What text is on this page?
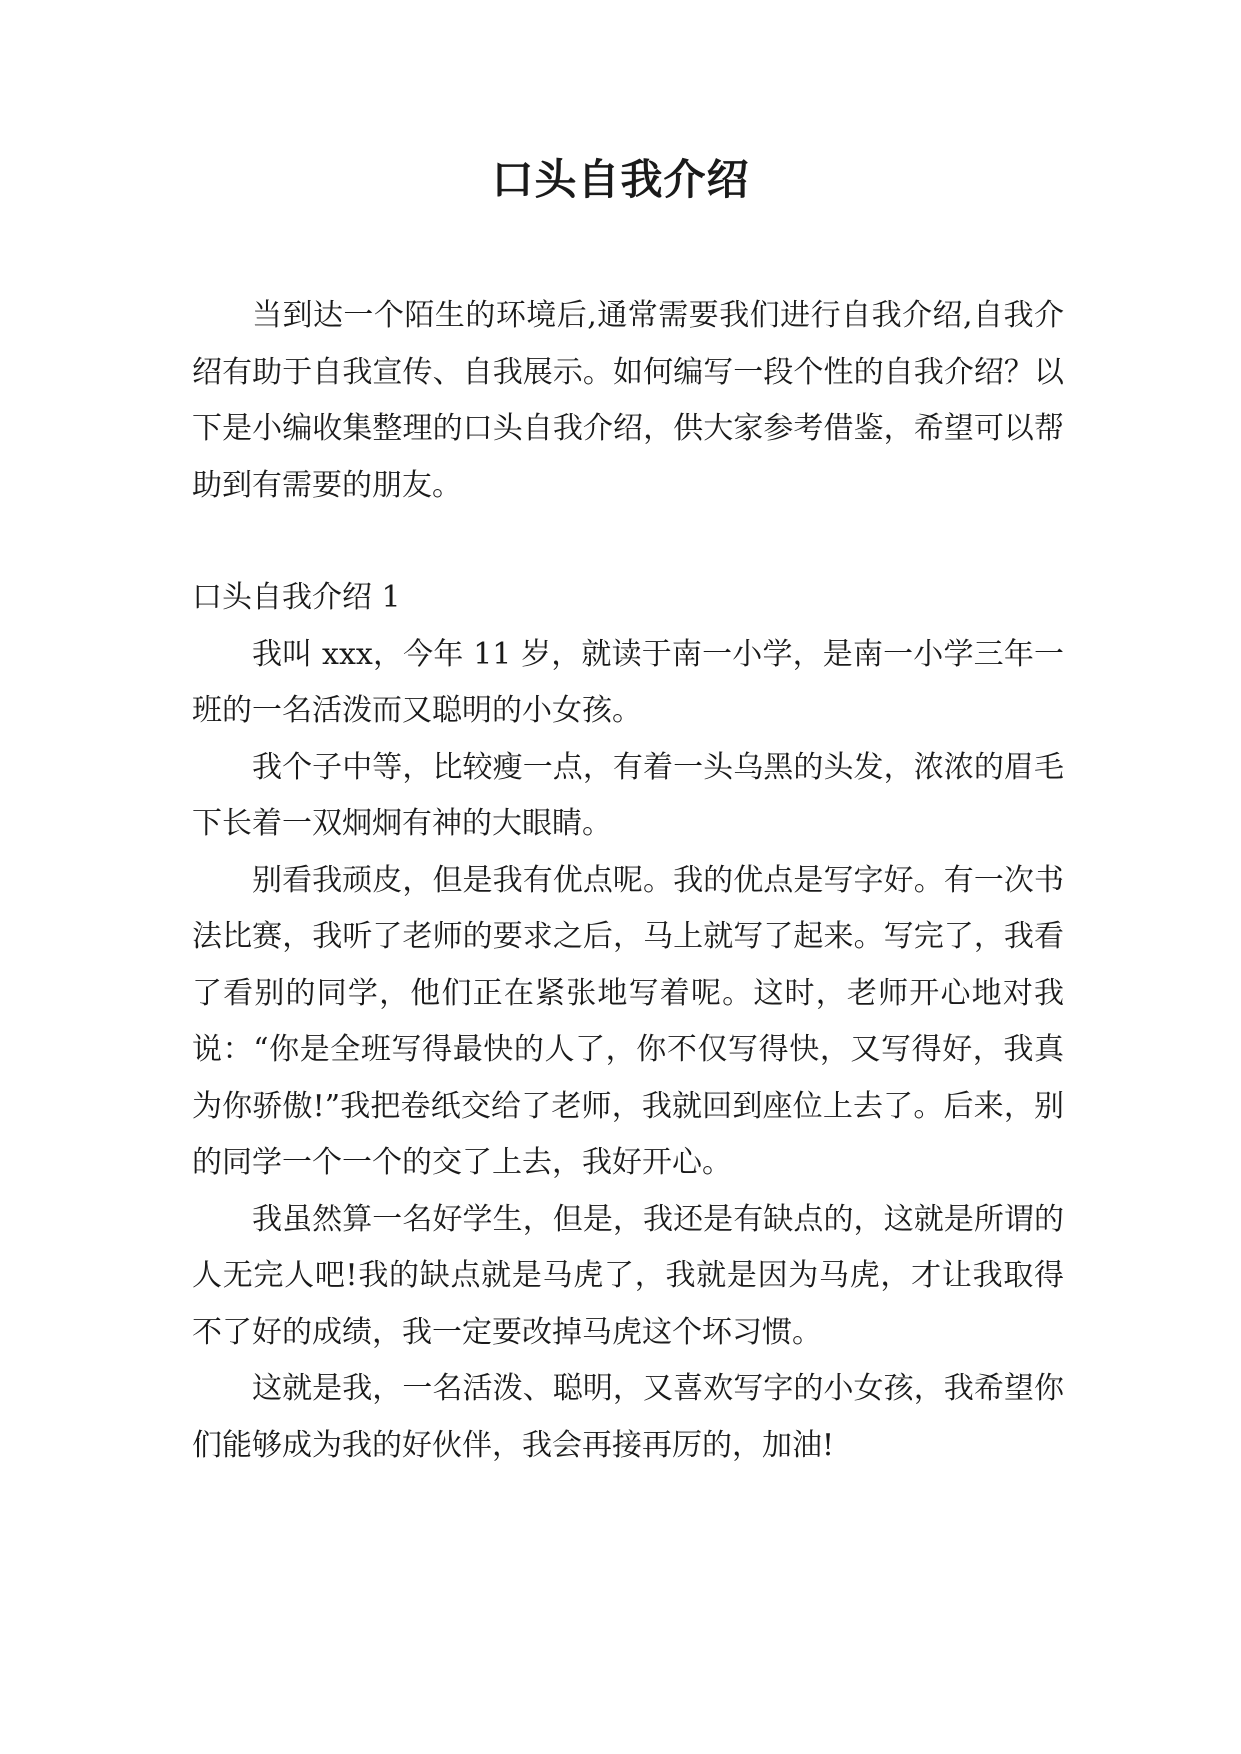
口头自我介绍

当到达一个陌生的环境后,通常需要我们进行自我介绍,自我介绍有助于自我宣传、自我展示。如何编写一段个性的自我介绍？以下是小编收集整理的口头自我介绍，供大家参考借鉴，希望可以帮助到有需要的朋友。

口头自我介绍 1

我叫 xxx，今年 11 岁，就读于南一小学，是南一小学三年一班的一名活泼而又聪明的小女孩。

我个子中等，比较瘦一点，有着一头乌黑的头发，浓浓的眉毛下长着一双炯炯有神的大眼睛。

别看我顽皮，但是我有优点呢。我的优点是写字好。有一次书法比赛，我听了老师的要求之后，马上就写了起来。写完了，我看了看别的同学，他们正在紧张地写着呢。这时，老师开心地对我说：“你是全班写得最快的人了，你不仅写得快，又写得好，我真为你骄傲!”我把卷纸交给了老师，我就回到座位上去了。后来，别的同学一个一个的交了上去，我好开心。

我虽然算一名好学生，但是，我还是有缺点的，这就是所谓的人无完人吧!我的缺点就是马虎了，我就是因为马虎，才让我取得不了好的成绩，我一定要改掉马虎这个坏习惯。

这就是我，一名活泼、聪明，又喜欢写字的小女孩，我希望你们能够成为我的好伙伴，我会再接再厉的，加油!
